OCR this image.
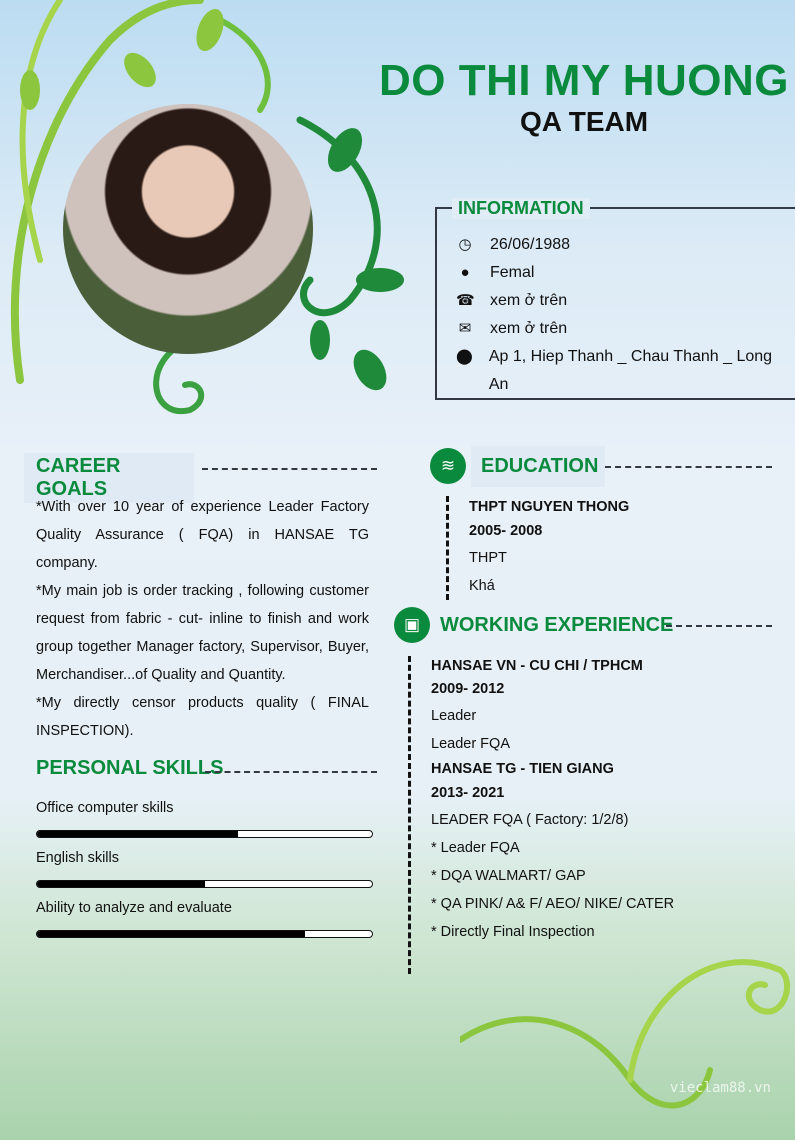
DO THI MY HUONG
QA TEAM
INFORMATION
◷ 26/06/1988
● Femal
☎ xem ở trên
✉ xem ở trên
⬤ Ap 1, Hiep Thanh _ Chau Thanh _ Long An
CAREER GOALS

*With over 10 year of experience Leader Factory Quality Assurance ( FQA) in HANSAE TG company.

*My main job is order tracking , following customer request from fabric - cut- inline to finish and work group together Manager factory, Supervisor, Buyer, Merchandiser...of Quality and Quantity.

*My directly censor products quality ( FINAL INSPECTION).

PERSONAL SKILLS
Office computer skills
English skills
Ability to analyze and evaluate
≋	EDUCATION
THPT NGUYEN THONG
2005- 2008
THPT
Khá
▣ WORKING EXPERIENCE
HANSAE VN - CU CHI / TPHCM
2009- 2012
Leader
Leader FQA
HANSAE TG - TIEN GIANG
2013- 2021
LEADER FQA ( Factory: 1/2/8)
* Leader FQA
* DQA WALMART/ GAP
* QA PINK/ A& F/ AEO/ NIKE/ CATER
* Directly Final Inspection
vieclam88.vn
